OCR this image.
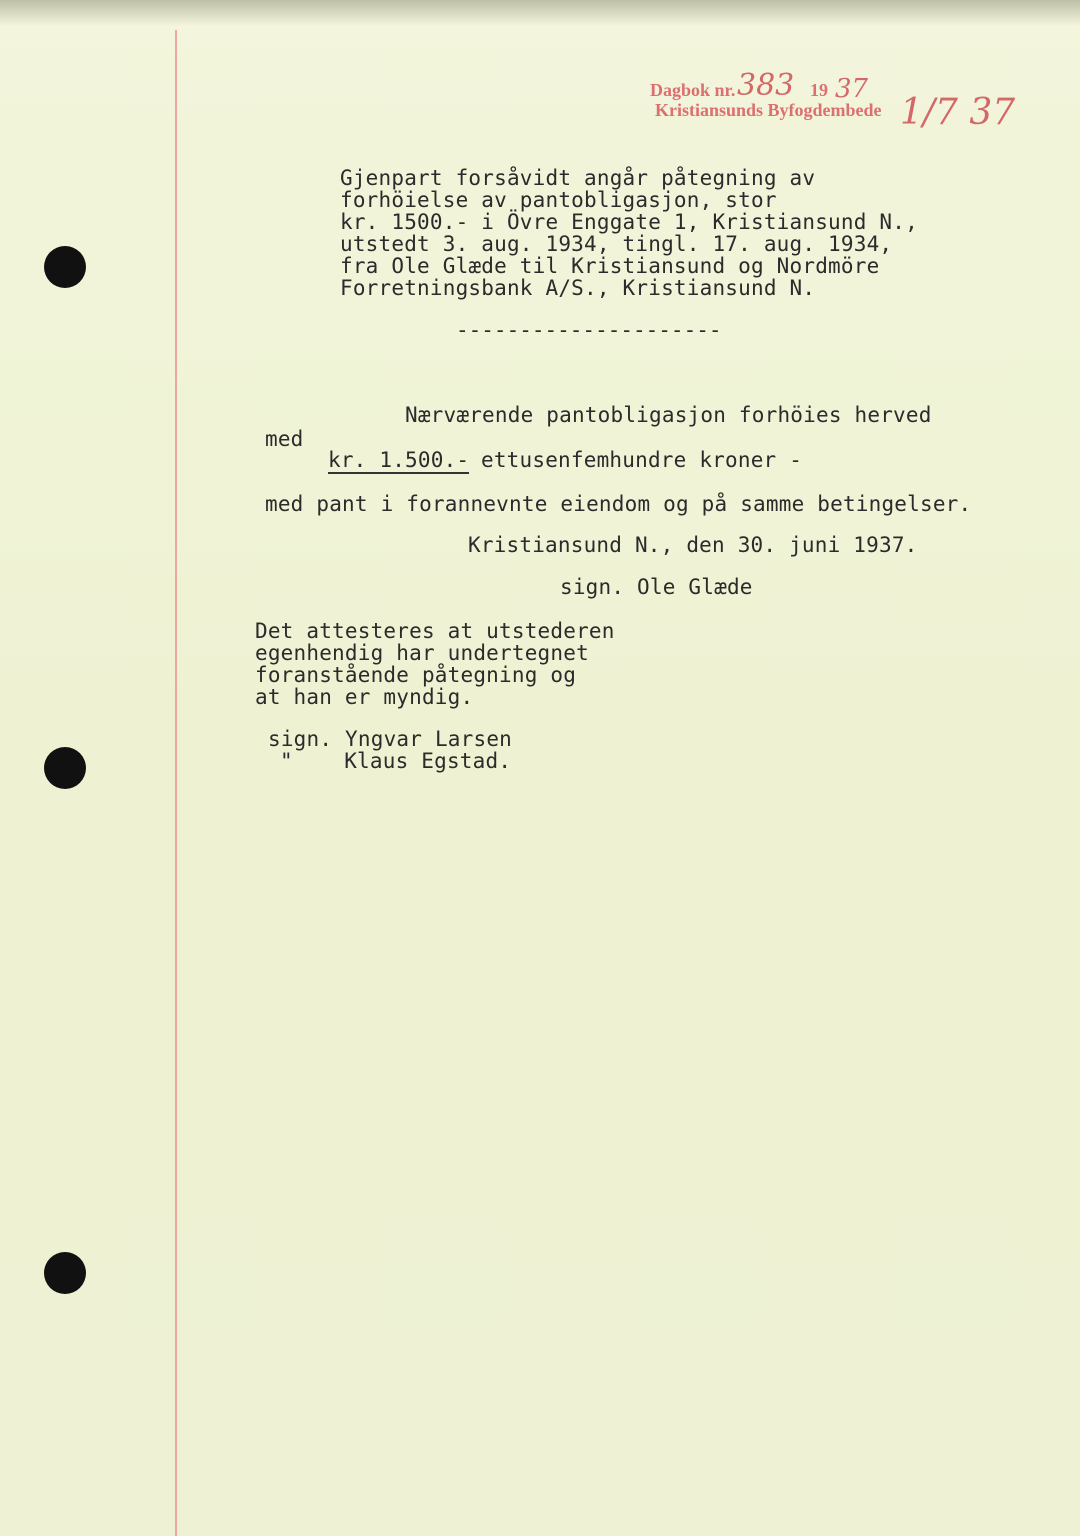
Dagbok nr. 383 19 37
Kristiansunds Byfogdembede 1/7 37
Gjenpart forsåvidt angår påtegning av
forhöielse av pantobligasjon, stor
kr. 1500.- i Övre Enggate 1, Kristiansund N.,
utstedt 3. aug. 1934, tingl. 17. aug. 1934,
fra Ole Glæde til Kristiansund og Nordmöre
Forretningsbank A/S., Kristiansund N.
---------------------
Nærværende pantobligasjon forhöies herved
med
kr. 1.500.- ettusenfemhundre kroner -
med pant i forannevnte eiendom og på samme betingelser.
Kristiansund N., den 30. juni 1937.
sign. Ole Glæde
Det attesteres at utstederen
egenhendig har undertegnet
foranstående påtegning og
at han er myndig.
sign. Yngvar Larsen
"    Klaus Egstad.
